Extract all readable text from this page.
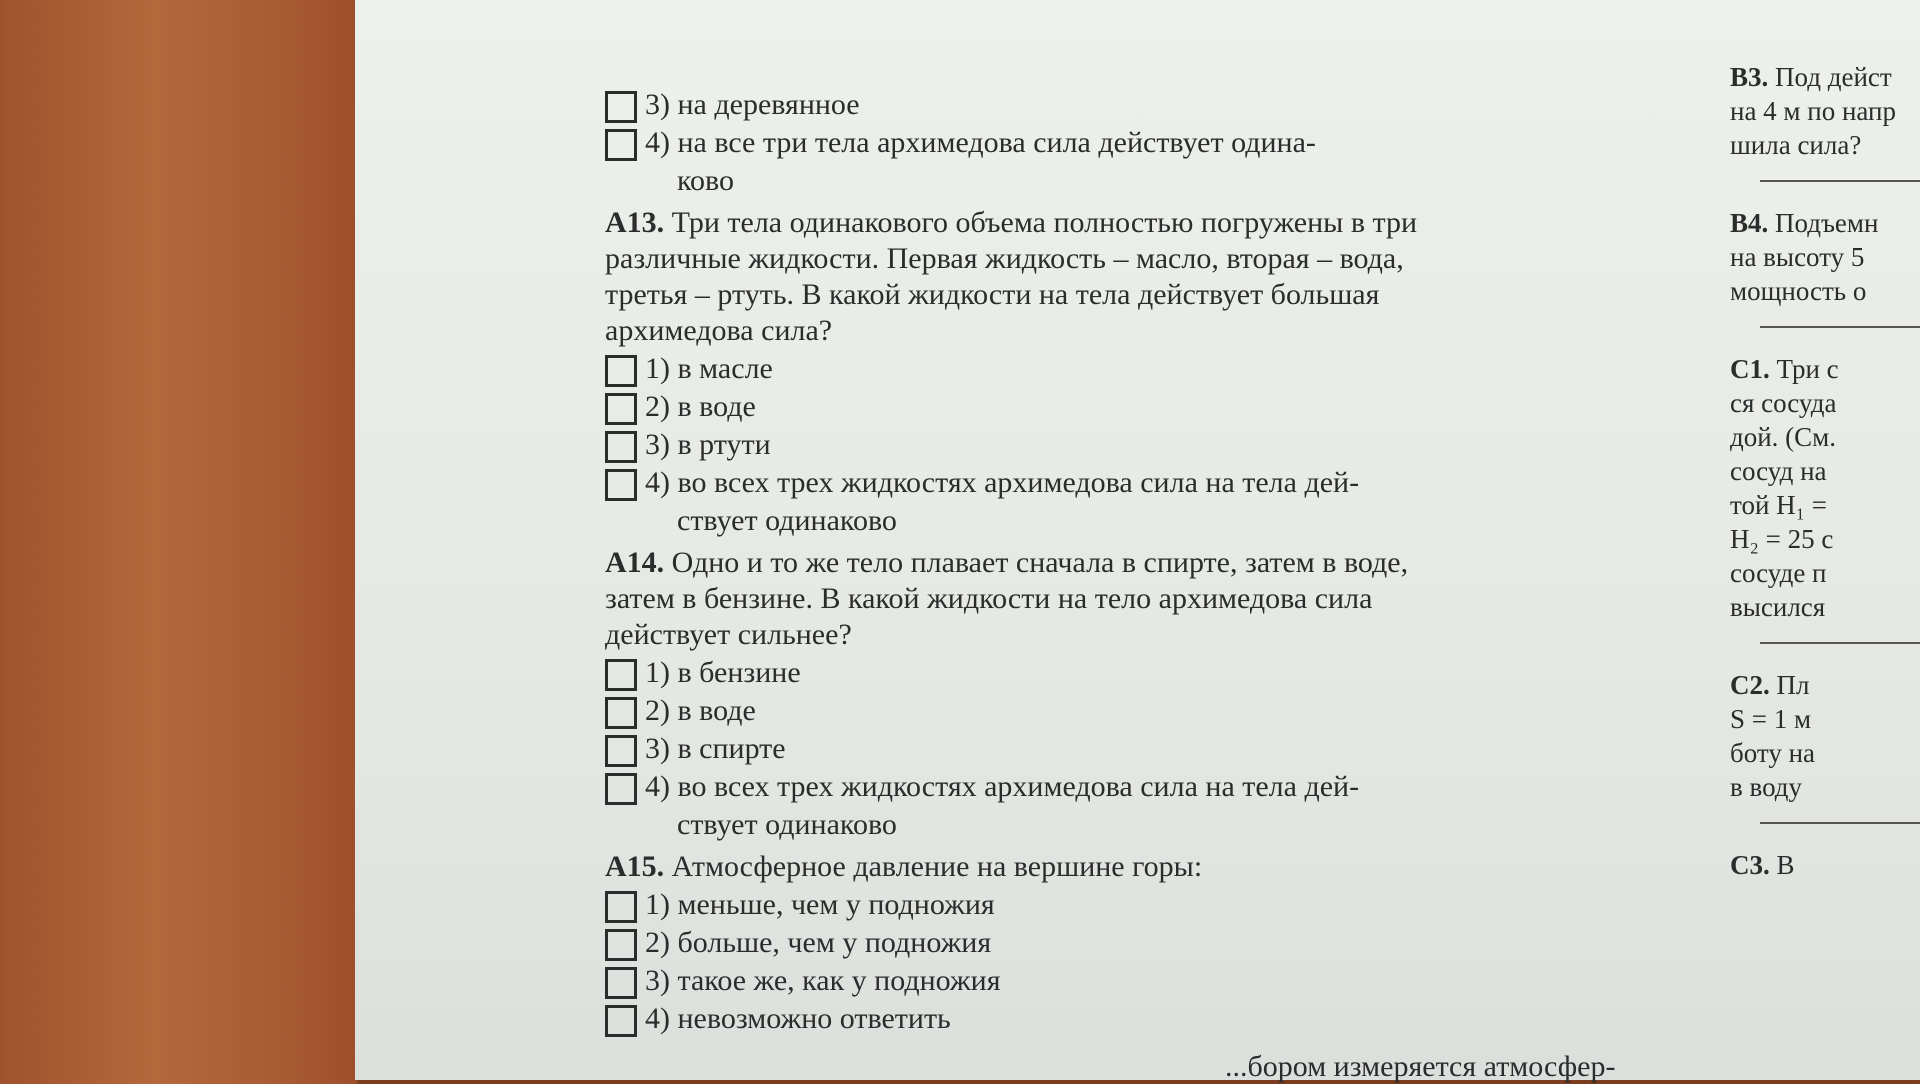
3) на деревянное
4) на все три тела архимедова сила действует одина-
ково
А13. Три тела одинакового объема полностью погружены в три различные жидкости. Первая жидкость – масло, вторая – вода, третья – ртуть. В какой жидкости на тела действует большая архимедова сила?
1) в масле
2) в воде
3) в ртути
4) во всех трех жидкостях архимедова сила на тела дей-
ствует одинаково
А14. Одно и то же тело плавает сначала в спирте, затем в воде, затем в бензине. В какой жидкости на тело архимедова сила действует сильнее?
1) в бензине
2) в воде
3) в спирте
4) во всех трех жидкостях архимедова сила на тела дей-
ствует одинаково
А15. Атмосферное давление на вершине горы:
1) меньше, чем у подножия
2) больше, чем у подножия
3) такое же, как у подножия
4) невозможно ответить
В3. Под дейст
на 4 м по напр
шила сила?
В4. Подъемн
на высоту 5
мощность о
С1. Три с
ся сосуда
дой. (См.
сосуд на
той H₁ =
H₂ = 25 с
сосуде п
высился
С2. Пл
S = 1 м
боту на
в воду
С3. В
...бором измеряется атмосфер-
